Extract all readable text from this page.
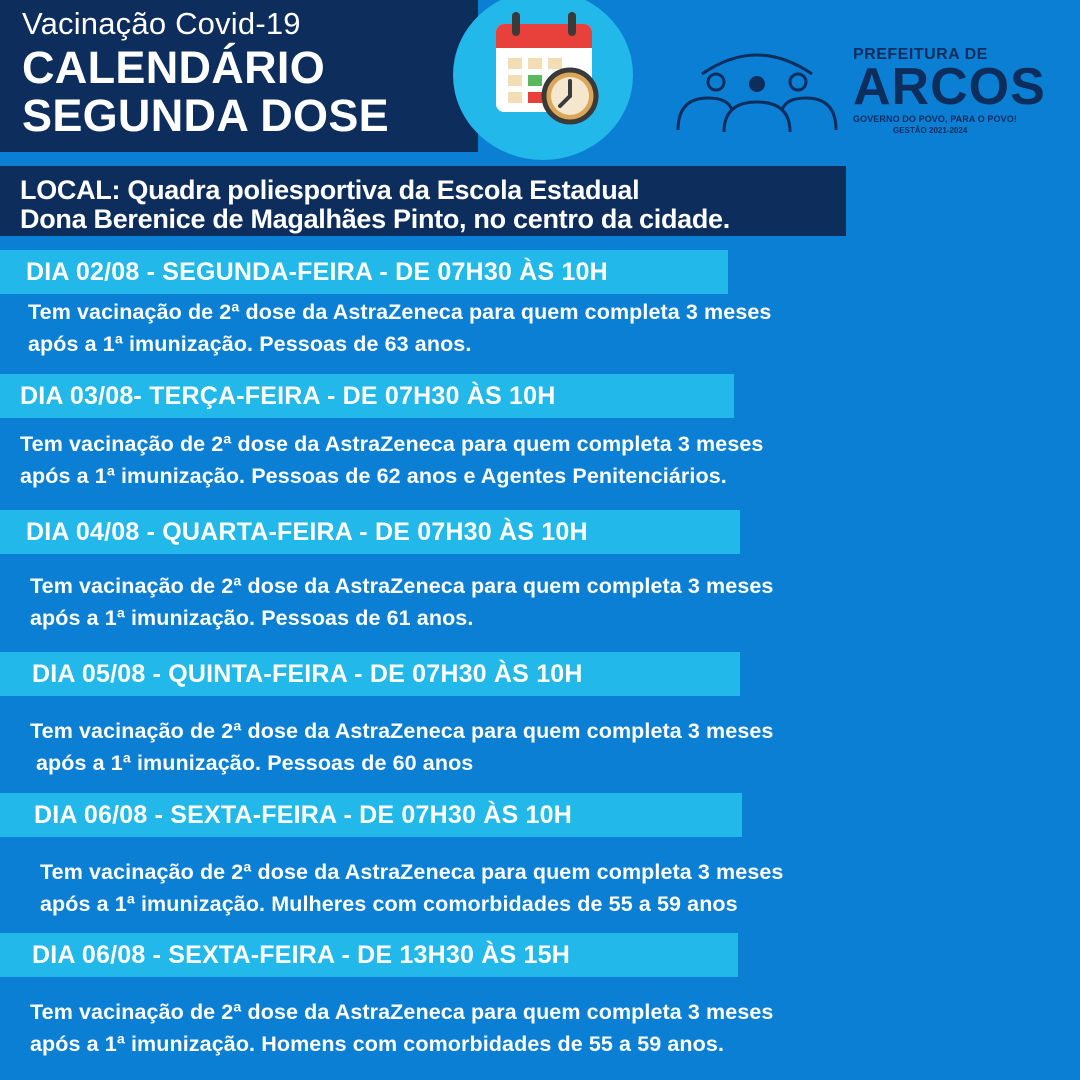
Vacinação Covid-19
CALENDÁRIO
SEGUNDA DOSE
PREFEITURA DE
ARCOS
GOVERNO DO POVO, PARA O POVO!
GESTÃO 2021-2024
LOCAL: Quadra poliesportiva da Escola Estadual
Dona Berenice de Magalhães Pinto, no centro da cidade.
DIA 02/08 - SEGUNDA-FEIRA - DE 07H30 ÀS 10H
Tem vacinação de 2ª dose da AstraZeneca para quem completa 3 meses
após a 1ª imunização. Pessoas de 63 anos.
DIA 03/08- TERÇA-FEIRA - DE 07H30 ÀS 10H
Tem vacinação de 2ª dose da AstraZeneca para quem completa 3 meses
após a 1ª imunização. Pessoas de 62 anos e Agentes Penitenciários.
DIA 04/08 - QUARTA-FEIRA - DE 07H30 ÀS 10H
Tem vacinação de 2ª dose da AstraZeneca para quem completa 3 meses
após a 1ª imunização. Pessoas de 61 anos.
DIA 05/08 - QUINTA-FEIRA - DE 07H30 ÀS 10H
Tem vacinação de 2ª dose da AstraZeneca para quem completa 3 meses
após a 1ª imunização. Pessoas de 60 anos
DIA 06/08 - SEXTA-FEIRA - DE 07H30 ÀS 10H
Tem vacinação de 2ª dose da AstraZeneca para quem completa 3 meses
após a 1ª imunização. Mulheres com comorbidades de 55 a 59 anos
DIA 06/08 - SEXTA-FEIRA - DE 13H30 ÀS 15H
Tem vacinação de 2ª dose da AstraZeneca para quem completa 3 meses
após a 1ª imunização. Homens com comorbidades de 55 a 59 anos.
